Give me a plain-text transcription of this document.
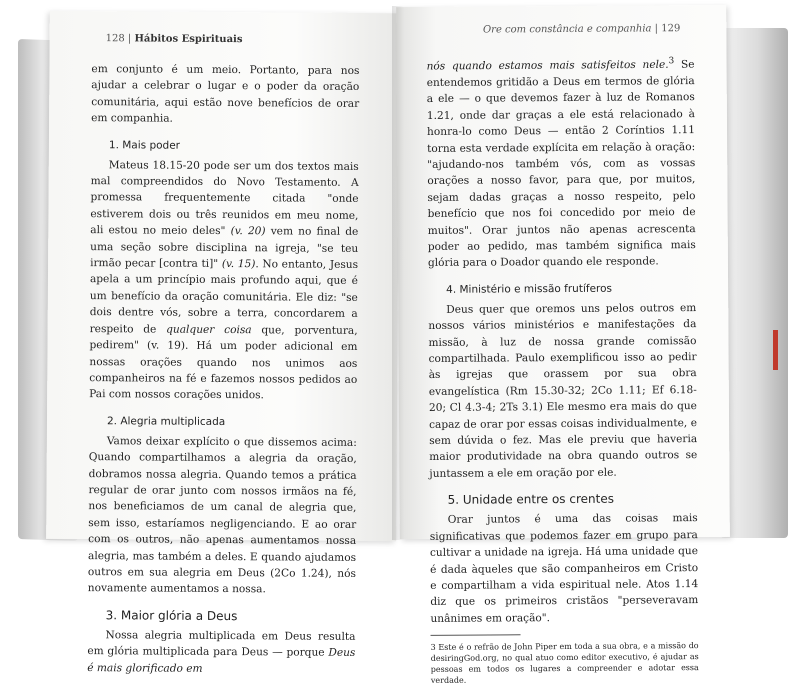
128 | Hábitos Espirituais

em conjunto é um meio. Portanto, para nos ajudar a celebrar o lugar e o poder da oração comunitária, aqui estão nove benefícios de orar em companhia.

1. Mais poder

Mateus 18.15-20 pode ser um dos textos mais mal compreendidos do Novo Testamento. A promessa frequentemente citada "onde estiverem dois ou três reunidos em meu nome, ali estou no meio deles" (v. 20) vem no final de uma seção sobre disciplina na igreja, "se teu irmão pecar [contra ti]" (v. 15). No entanto, Jesus apela a um princípio mais profundo aqui, que é um benefício da oração comunitária. Ele diz: "se dois dentre vós, sobre a terra, concordarem a respeito de qualquer coisa que, porventura, pedirem" (v. 19). Há um poder adicional em nossas orações quando nos unimos aos companheiros na fé e fazemos nossos pedidos ao Pai com nossos corações unidos.

2. Alegria multiplicada

Vamos deixar explícito o que dissemos acima: Quando compartilhamos a alegria da oração, dobramos nossa alegria. Quando temos a prática regular de orar junto com nossos irmãos na fé, nos beneficiamos de um canal de alegria que, sem isso, estaríamos negligenciando. E ao orar com os outros, não apenas aumentamos nossa alegria, mas também a deles. E quando ajudamos outros em sua alegria em Deus (2Co 1.24), nós novamente aumentamos a nossa.

3. Maior glória a Deus

Nossa alegria multiplicada em Deus resulta em glória multiplicada para Deus — porque Deus é mais glorificado em

Ore com constância e companhia | 129

nós quando estamos mais satisfeitos nele.$^3$ Se entendemos gritidão a Deus em termos de glória a ele — o que devemos fazer à luz de Romanos 1.21, onde dar graças a ele está relacionado à honra-lo como Deus — então 2 Coríntios 1.11 torna esta verdade explícita em relação à oração: "ajudando-nos também vós, com as vossas orações a nosso favor, para que, por muitos, sejam dadas graças a nosso respeito, pelo benefício que nos foi concedido por meio de muitos". Orar juntos não apenas acrescenta poder ao pedido, mas também significa mais glória para o Doador quando ele responde.

4. Ministério e missão frutíferos

Deus quer que oremos uns pelos outros em nossos vários ministérios e manifestações da missão, à luz de nossa grande comissão compartilhada. Paulo exemplificou isso ao pedir às igrejas que orassem por sua obra evangelística (Rm 15.30-32; 2Co 1.11; Ef 6.18-20; Cl 4.3-4; 2Ts 3.1) Ele mesmo era mais do que capaz de orar por essas coisas individualmente, e sem dúvida o fez. Mas ele previu que haveria maior produtividade na obra quando outros se juntassem a ele em oração por ele.

5. Unidade entre os crentes

Orar juntos é uma das coisas mais significativas que podemos fazer em grupo para cultivar a unidade na igreja. Há uma unidade que é dada àqueles que são companheiros em Cristo e compartilham a vida espiritual nele. Atos 1.14 diz que os primeiros cristãos "perseveravam unânimes em oração".

3 Este é o refrão de John Piper em toda a sua obra, e a missão do desiringGod.org, no qual atuo como editor executivo, é ajudar as pessoas em todos os lugares a compreender e adotar essa verdade.
